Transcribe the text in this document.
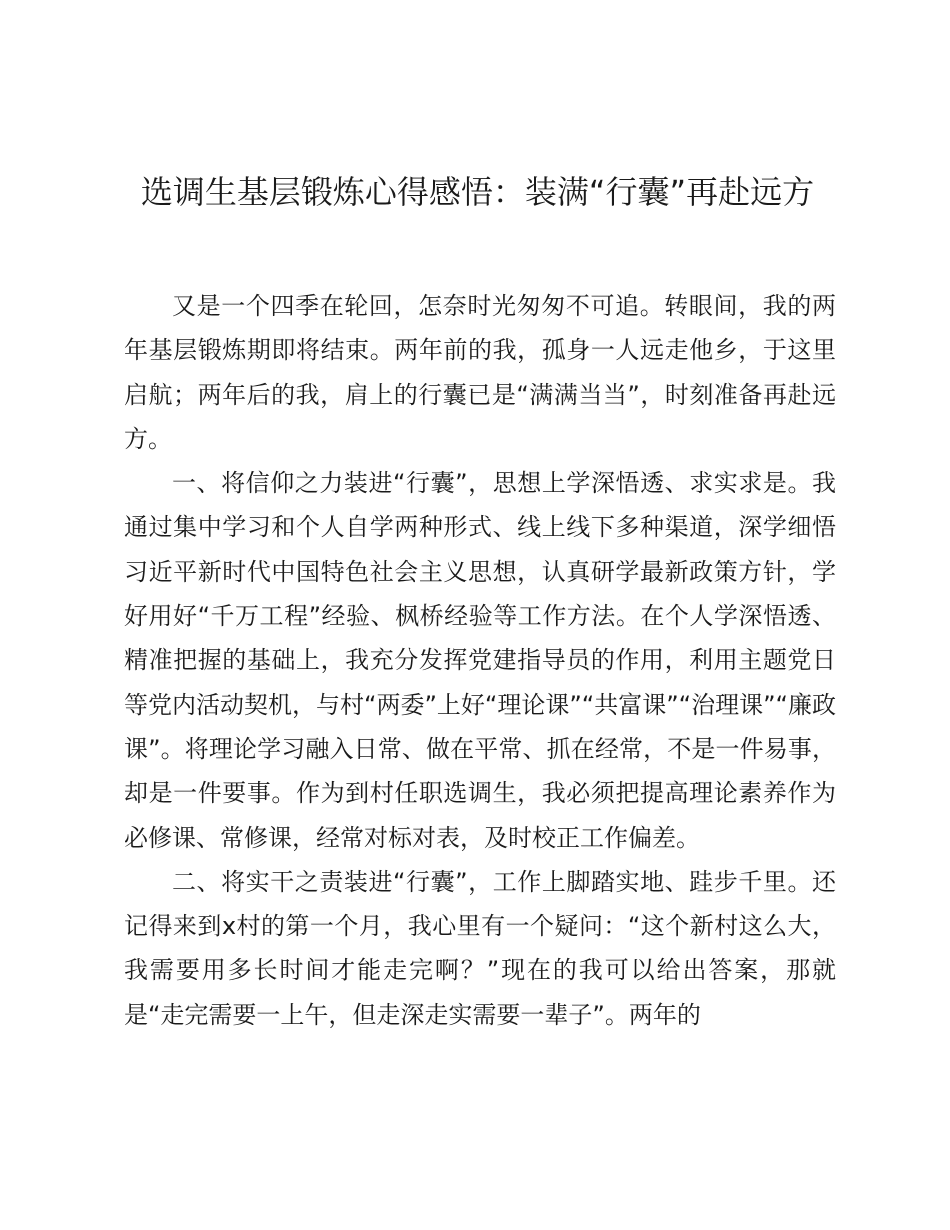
选调生基层锻炼心得感悟：装满“行囊”再赴远方

又是一个四季在轮回，怎奈时光匆匆不可追。转眼间，我的两年基层锻炼期即将结束。两年前的我，孤身一人远走他乡，于这里启航；两年后的我，肩上的行囊已是“满满当当”，时刻准备再赴远方。

一、将信仰之力装进“行囊”，思想上学深悟透、求实求是。我通过集中学习和个人自学两种形式、线上线下多种渠道，深学细悟习近平新时代中国特色社会主义思想，认真研学最新政策方针，学好用好“千万工程”经验、枫桥经验等工作方法。在个人学深悟透、精准把握的基础上，我充分发挥党建指导员的作用，利用主题党日等党内活动契机，与村“两委”上好“理论课”“共富课”“治理课”“廉政课”。将理论学习融入日常、做在平常、抓在经常，不是一件易事，却是一件要事。作为到村任职选调生，我必须把提高理论素养作为必修课、常修课，经常对标对表，及时校正工作偏差。

二、将实干之责装进“行囊”，工作上脚踏实地、跬步千里。还记得来到x村的第一个月，我心里有一个疑问：“这个新村这么大，我需要用多长时间才能走完啊？”现在的我可以给出答案，那就是“走完需要一上午，但走深走实需要一辈子”。两年的
